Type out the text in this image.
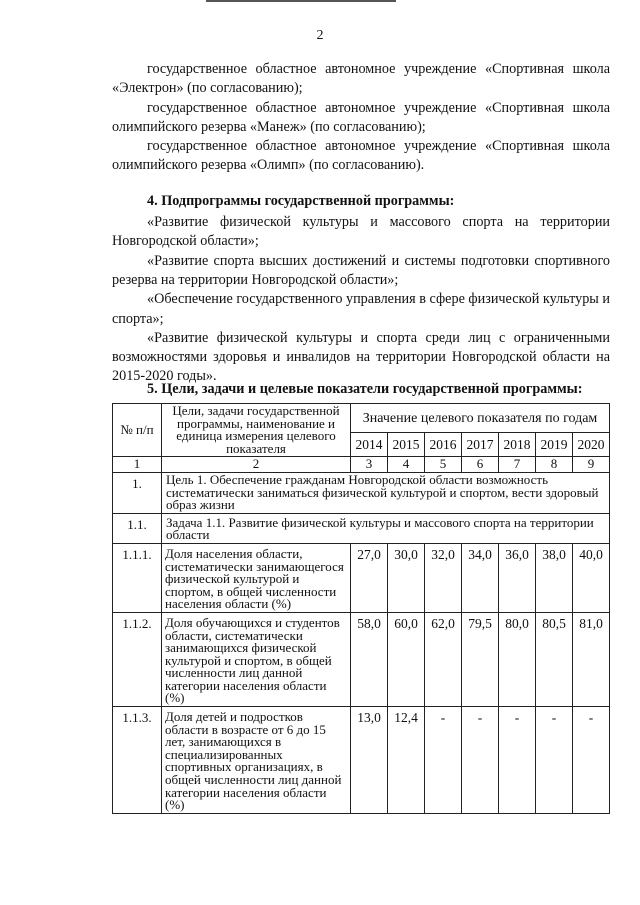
2

государственное областное автономное учреждение «Спортивная школа «Электрон» (по согласованию);

государственное областное автономное учреждение «Спортивная школа олимпийского резерва «Манеж» (по согласованию);

государственное областное автономное учреждение «Спортивная школа олимпийского резерва «Олимп» (по согласованию).

4. Подпрограммы государственной программы:

«Развитие физической культуры и массового спорта на территории Новгородской области»;

«Развитие спорта высших достижений и системы подготовки спортивного резерва на территории Новгородской области»;

«Обеспечение государственного управления в сфере физической культуры и спорта»;

«Развитие физической культуры и спорта среди лиц с ограниченными возможностями здоровья и инвалидов на территории Новгородской области на 2015-2020 годы».

5. Цели, задачи и целевые показатели государственной программы:
№ п/п	Цели, задачи государственной программы, наименование и единица измерения целевого показателя	Значение целевого показателя по годам						
		2014	2015	2016	2017	2018	2019	2020
1	2	3	4	5	6	7	8	9
1.	Цель 1. Обеспечение гражданам Новгородской области возможность систематически заниматься физической культурой и спортом, вести здоровый образ жизни							
1.1.	Задача 1.1. Развитие физической культуры и массового спорта на территории области							
1.1.1.	Доля населения области, систематически занимающегося физической культурой и спортом, в общей численности населения области (%)	27,0	30,0	32,0	34,0	36,0	38,0	40,0
1.1.2.	Доля обучающихся и студентов области, систематически занимающихся физической культурой и спортом, в общей численности лиц данной категории населения области (%)	58,0	60,0	62,0	79,5	80,0	80,5	81,0
1.1.3.	Доля детей и подростков области в возрасте от 6 до 15 лет, занимающихся в специализированных спортивных организациях, в общей численности лиц данной категории населения области (%)	13,0	12,4	-	-	-	-	-
